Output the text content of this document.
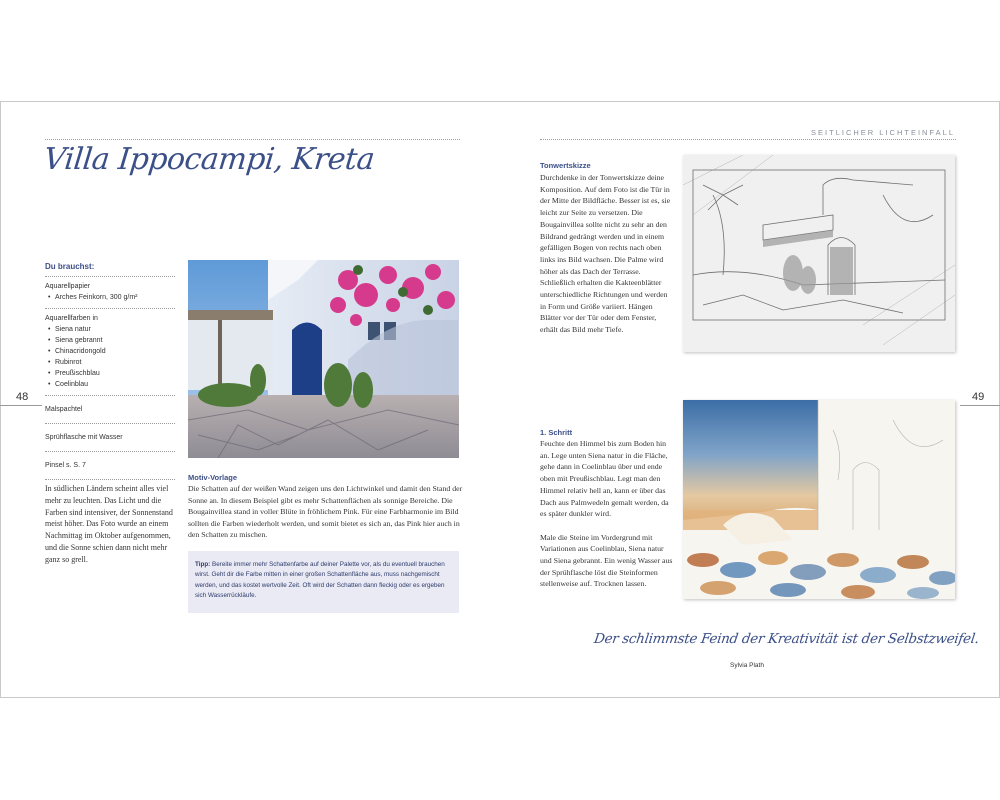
SEITLICHER LICHTEINFALL
48	49
Villa Ippocampi, Kreta
Du brauchst:
Aquarellpapier
• Arches Feinkorn, 300 g/m²
Aquarellfarben in
• Siena natur
• Siena gebrannt
• Chinacridongold
• Rubinrot
• Preußischblau
• Coelinblau
Malspachtel
Sprühflasche mit Wasser
Pinsel s. S. 7
In südlichen Ländern scheint alles viel mehr zu leuchten. Das Licht und die Farben sind intensiver, der Sonnenstand meist höher. Das Foto wurde an einem Nachmittag im Oktober aufgenommen, und die Sonne schien dann nicht mehr ganz so grell.
Motiv-Vorlage
Die Schatten auf der weißen Wand zeigen uns den Lichtwinkel und damit den Stand der Sonne an. In diesem Beispiel gibt es mehr Schattenflächen als sonnige Bereiche. Die Bougainvillea stand in voller Blüte in fröhlichem Pink. Für eine Farbharmonie im Bild sollten die Farben wiederholt werden, und somit bietet es sich an, das Pink hier auch in den Schatten zu mischen.
Tipp: Bereite immer mehr Schattenfarbe auf deiner Palette vor, als du eventuell brauchen wirst. Geht dir die Farbe mitten in einer großen Schattenfläche aus, muss nachgemischt werden, und das kostet wertvolle Zeit. Oft wird der Schatten dann fleckig oder es ergeben sich Wasserrückläufe.
Tonwertskizze
Durchdenke in der Tonwertskizze deine Komposition. Auf dem Foto ist die Tür in der Mitte der Bildfläche. Besser ist es, sie leicht zur Seite zu versetzen. Die Bougainvillea sollte nicht zu sehr an den Bildrand gedrängt werden und in einem gefälligen Bogen von rechts nach oben links ins Bild wachsen. Die Palme wird höher als das Dach der Terrasse. Schließlich erhalten die Kakteenblätter unterschiedliche Richtungen und werden in Form und Größe variiert. Hängen Blätter vor der Tür oder dem Fenster, erhält das Bild mehr Tiefe.
1. Schritt

Feuchte den Himmel bis zum Boden hin an. Lege unten Siena natur in die Fläche, gehe dann in Coelinblau über und ende oben mit Preußischblau. Legt man den Himmel relativ hell an, kann er über das Dach aus Palmwedeln gemalt werden, da es später dunkler wird.

Male die Steine im Vordergrund mit Variationen aus Coelinblau, Siena natur und Siena gebrannt. Ein wenig Wasser aus der Sprühflasche löst die Steinformen stellenweise auf. Trocknen lassen.

Der schlimmste Feind der Kreativität ist der Selbstzweifel.
Sylvia Plath
